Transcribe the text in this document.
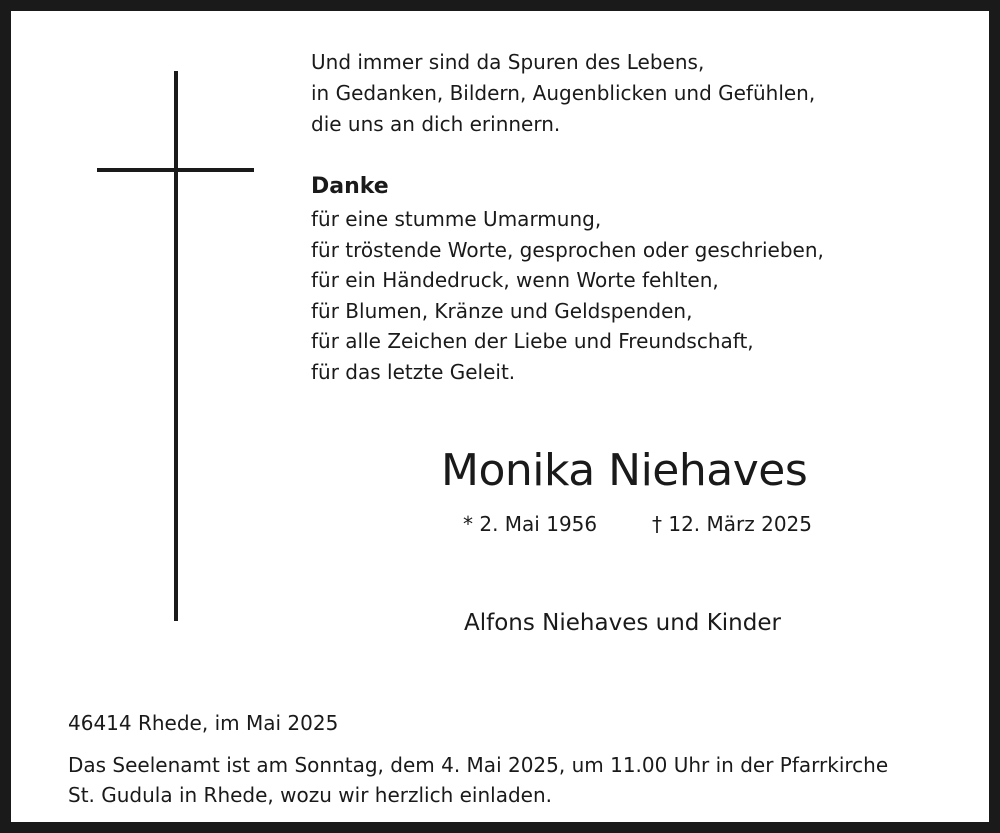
Und immer sind da Spuren des Lebens,
in Gedanken, Bildern, Augenblicken und Gefühlen,
die uns an dich erinnern.
Danke
für eine stumme Umarmung,
für tröstende Worte, gesprochen oder geschrieben,
für ein Händedruck, wenn Worte fehlten,
für Blumen, Kränze und Geldspenden,
für alle Zeichen der Liebe und Freundschaft,
für das letzte Geleit.
Monika Niehaves
* 2. Mai 1956	† 12. März 2025
Alfons Niehaves und Kinder
46414 Rhede, im Mai 2025
Das Seelenamt ist am Sonntag, dem 4. Mai 2025, um 11.00 Uhr in der Pfarrkirche
St. Gudula in Rhede, wozu wir herzlich einladen.
